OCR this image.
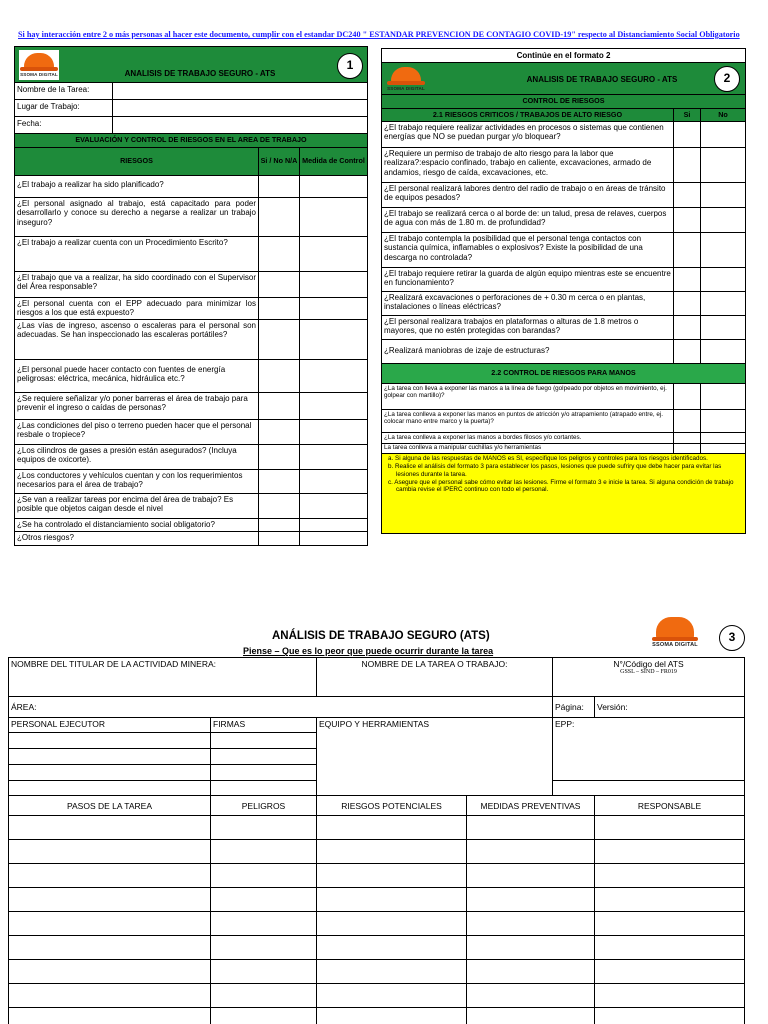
Si hay interacción entre 2 o más personas al hacer este documento, cumplir con el estandar DC240 " ESTANDAR PREVENCION DE CONTAGIO COVID-19" respecto al Distanciamiento Social Obligatorio
SSOMA DIGITAL ANALISIS DE TRABAJO SEGURO - ATS
1			

Nombre de la Tarea:			
Lugar de Trabajo:			
Fecha:			
EVALUACIÓN Y CONTROL DE RIESGOS EN EL AREA DE TRABAJO			
RIESGOS		Si / No N/A	Medida de Control
¿El trabajo a realizar ha sido planificado?			
¿El personal asignado al trabajo, está capacitado para poder desarrollarlo y conoce su derecho a negarse a realizar un trabajo inseguro?			
¿El trabajo a realizar cuenta con un Procedimiento Escrito?			
¿El trabajo que va a realizar, ha sido coordinado con el Supervisor del Área responsable?			
¿El personal cuenta con el EPP adecuado para minimizar los riesgos a los que está expuesto?			
¿Las vías de ingreso, ascenso o escaleras para el personal son adecuadas. Se han inspeccionado las escaleras portátiles?			
¿El personal puede hacer contacto con fuentes de energía peligrosas: eléctrica, mecánica, hidráulica etc.?			
¿Se requiere señalizar y/o poner barreras el área de trabajo para prevenir el ingreso o caídas de personas?			
¿Las condiciones del piso o terreno pueden hacer que el personal resbale o tropiece?			
¿Los cilindros de gases a presión están asegurados? (Incluya equipos de oxicorte).			
¿Los conductores y vehículos cuentan y con los requerimientos necesarios para el área de trabajo?			
¿Se van a realizar tareas por encima del área de trabajo? Es posible que objetos caigan desde el nivel			
¿Se ha controlado el distanciamiento social obligatorio?			
¿Otros riesgos?			
Continúe en el formato 2		

SSOMA DIGITAL
ANALISIS DE TRABAJO SEGURO - ATS 2		

CONTROL DE RIESGOS		
2.1 RIESGOS CRITICOS / TRABAJOS DE ALTO RIESGO	Si	No
¿El trabajo requiere realizar actividades en procesos o sistemas que contienen energías que NO se puedan purgar y/o bloquear?		
¿Requiere un permiso de trabajo de alto riesgo para la labor que realizara?:espacio confinado, trabajo en caliente, excavaciones, armado de andamios, riesgo de caída, excavaciones, etc.		
¿El personal realizará labores dentro del radio de trabajo o en áreas de tránsito de equipos pesados?		
¿El trabajo se realizará cerca o al borde de: un talud, presa de relaves, cuerpos de agua con más de 1.80 m. de profundidad?		
¿El trabajo contempla la posibilidad que el personal tenga contactos con sustancia química, inflamables o explosivos? Existe la posibilidad de una descarga no controlada?		
¿El trabajo requiere retirar la guarda de algún equipo mientras este se encuentre en funcionamiento?		
¿Realizará excavaciones o perforaciones de + 0.30 m cerca o en plantas, instalaciones o líneas eléctricas?		
¿El personal realizara trabajos en plataformas o alturas de 1.8 metros o mayores, que no estén protegidas con barandas?		
¿Realizará maniobras de izaje de estructuras?		
2.2 CONTROL DE RIESGOS PARA MANOS		
¿La tarea con lleva a exponer las manos a la línea de fuego (golpeado por objetos en movimiento, ej. golpear con martillo)?		
¿La tarea conlleva a exponer las manos en puntos de atricción y/o atrapamiento (atrapado entre, ej. colocar mano entre marco y la puerta)?		
¿La tarea conlleva a exponer las manos a bordes filosos y/o cortantes.		
La tarea conlleva a manipular cuchillas y/o herramientas		

a. Si alguna de las respuestas de MANOS es SI, especifique los peligros y controles para los riesgos identificados.
b. Realice el análisis del formato 3 para establecer los pasos, lesiones que puede sufriry que debe hacer para evitar las lesiones durante la tarea.
c. Asegure que el personal sabe cómo evitar las lesiones. Firme el formato 3 e inicie la tarea. Si alguna condición de trabajo cambia revise el IPERC continuo con todo el personal.		
ANÁLISIS DE TRABAJO SEGURO (ATS)
Piense – Que es lo peor que puede ocurrir durante la tarea
SSOMA DIGITAL
3
NOMBRE DEL TITULAR DE LA ACTIVIDAD MINERA:		NOMBRE DE LA TAREA O TRABAJO:		N°/Código del ATS
GSSL – SIND – FR019	

ÁREA:				Página:	Versión:
PERSONAL EJECUTOR	FIRMAS	EQUIPO Y HERRAMIENTAS		EPP:	

PASOS DE LA TAREA	PELIGROS	RIESGOS POTENCIALES	MEDIDAS PREVENTIVAS		RESPONSABLE
